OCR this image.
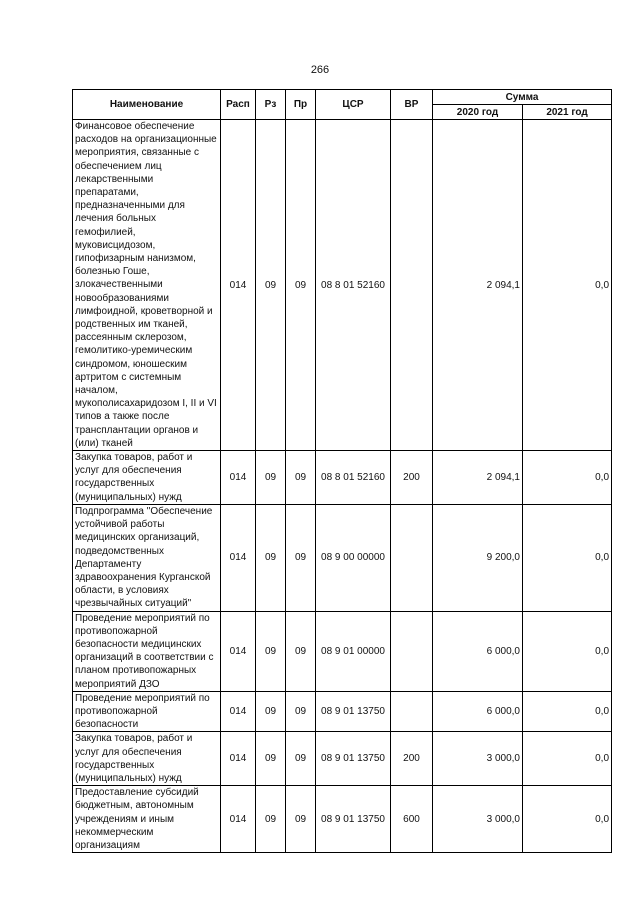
266
Наименование	Расп	Рз	Пр	ЦСР	ВР	Сумма	
						2020 год	2021 год
Финансовое обеспечение расходов на организационные мероприятия, связанные с обеспечением лиц лекарственными препаратами, предназначенными для лечения больных гемофилией, муковисцидозом, гипофизарным нанизмом, болезнью Гоше, злокачественными новообразованиями лимфоидной, кроветворной и родственных им тканей, рассеянным склерозом, гемолитико-уремическим синдромом, юношеским артритом с системным началом, мукополисахаридозом I, II и VI типов а также после трансплантации органов и (или) тканей	014	09	09	08 8 01 52160		2 094,1	0,0
Закупка товаров, работ и услуг для обеспечения государственных (муниципальных) нужд	014	09	09	08 8 01 52160	200	2 094,1	0,0
Подпрограмма "Обеспечение устойчивой работы медицинских организаций, подведомственных Департаменту здравоохранения Курганской области, в условиях чрезвычайных ситуаций"	014	09	09	08 9 00 00000		9 200,0	0,0
Проведение мероприятий по противопожарной безопасности медицинских организаций в соответствии с планом противопожарных мероприятий ДЗО	014	09	09	08 9 01 00000		6 000,0	0,0
Проведение мероприятий по противопожарной безопасности	014	09	09	08 9 01 13750		6 000,0	0,0
Закупка товаров, работ и услуг для обеспечения государственных (муниципальных) нужд	014	09	09	08 9 01 13750	200	3 000,0	0,0
Предоставление субсидий бюджетным, автономным учреждениям и иным некоммерческим организациям	014	09	09	08 9 01 13750	600	3 000,0	0,0
